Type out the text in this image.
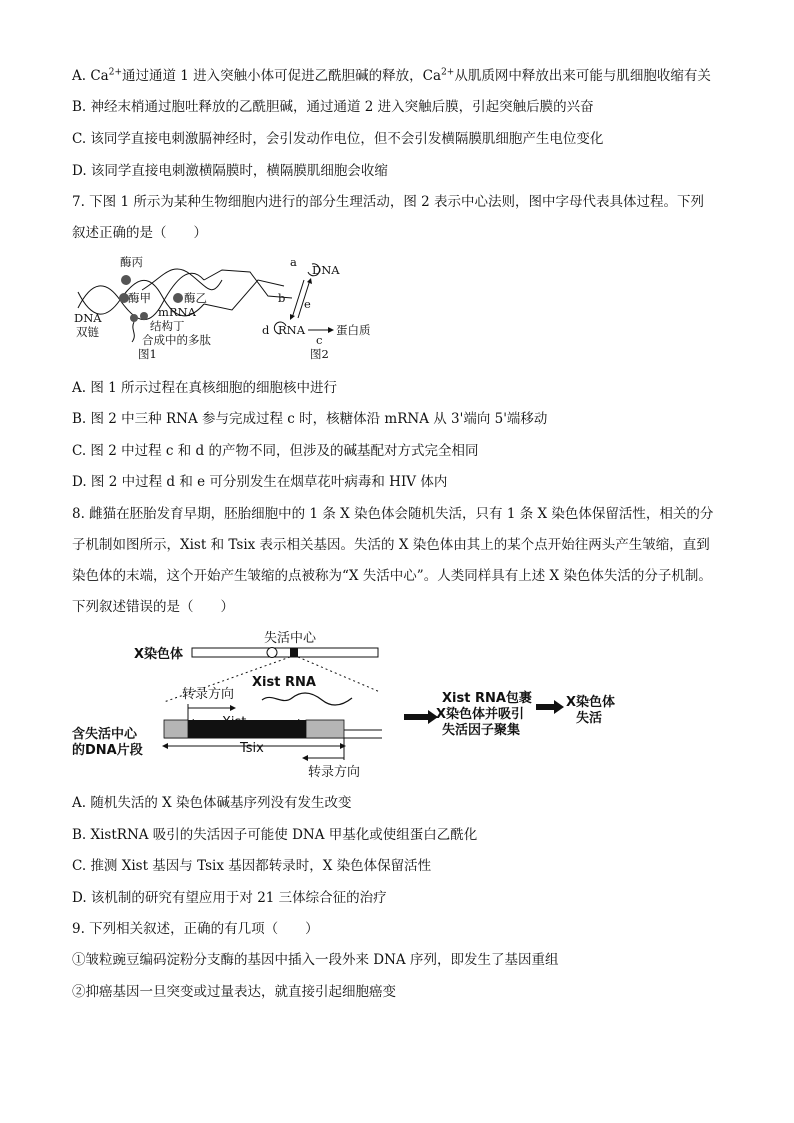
A. $Ca^{2+}$通过通道 1 进入突触小体可促进乙酰胆碱的释放，$Ca^{2+}$从肌质网中释放出来可能与肌细胞收缩有关
B. 神经末梢通过胞吐释放的乙酰胆碱，通过通道 2 进入突触后膜，引起突触后膜的兴奋
C. 该同学直接电刺激膈神经时，会引发动作电位，但不会引发横隔膜肌细胞产生电位变化
D. 该同学直接电刺激横隔膜时，横隔膜肌细胞会收缩
7. 下图 1 所示为某种生物细胞内进行的部分生理活动，图 2 表示中心法则，图中字母代表具体过程。下列
叙述正确的是（　　）
酶丙
酶甲	酶乙
mRNA
DNA
双链	结构丁
合成中的多肽
图1
a
DNA
b e
d RNA
c
蛋白质
图2
A. 图 1 所示过程在真核细胞的细胞核中进行
B. 图 2 中三种 RNA 参与完成过程 c 时，核糖体沿 mRNA 从 3'端向 5'端移动
C. 图 2 中过程 c 和 d 的产物不同，但涉及的碱基配对方式完全相同
D. 图 2 中过程 d 和 e 可分别发生在烟草花叶病毒和 HIV 体内
8. 雌猫在胚胎发育早期，胚胎细胞中的 1 条 X 染色体会随机失活，只有 1 条 X 染色体保留活性，相关的分
子机制如图所示，Xist 和 Tsix 表示相关基因。失活的 X 染色体由其上的某个点开始往两头产生皱缩，直到
染色体的末端，这个开始产生皱缩的点被称为“X 失活中心”。人类同样具有上述 X 染色体失活的分子机制。
下列叙述错误的是（　　）
X染色体
失活中心
Xist RNA
转录方向
含失活中心
的DNA片段	Tsix
转录方向
Xist RNA包裹
X染色体并吸引
失活因子聚集
X染色体
失活
A. 随机失活的 X 染色体碱基序列没有发生改变
B. XistRNA 吸引的失活因子可能使 DNA 甲基化或使组蛋白乙酰化
C. 推测 Xist 基因与 Tsix 基因都转录时，X 染色体保留活性
D. 该机制的研究有望应用于对 21 三体综合征的治疗
9. 下列相关叙述，正确的有几项（　　）
①皱粒豌豆编码淀粉分支酶的基因中插入一段外来 DNA 序列，即发生了基因重组
②抑癌基因一旦突变或过量表达，就直接引起细胞癌变
